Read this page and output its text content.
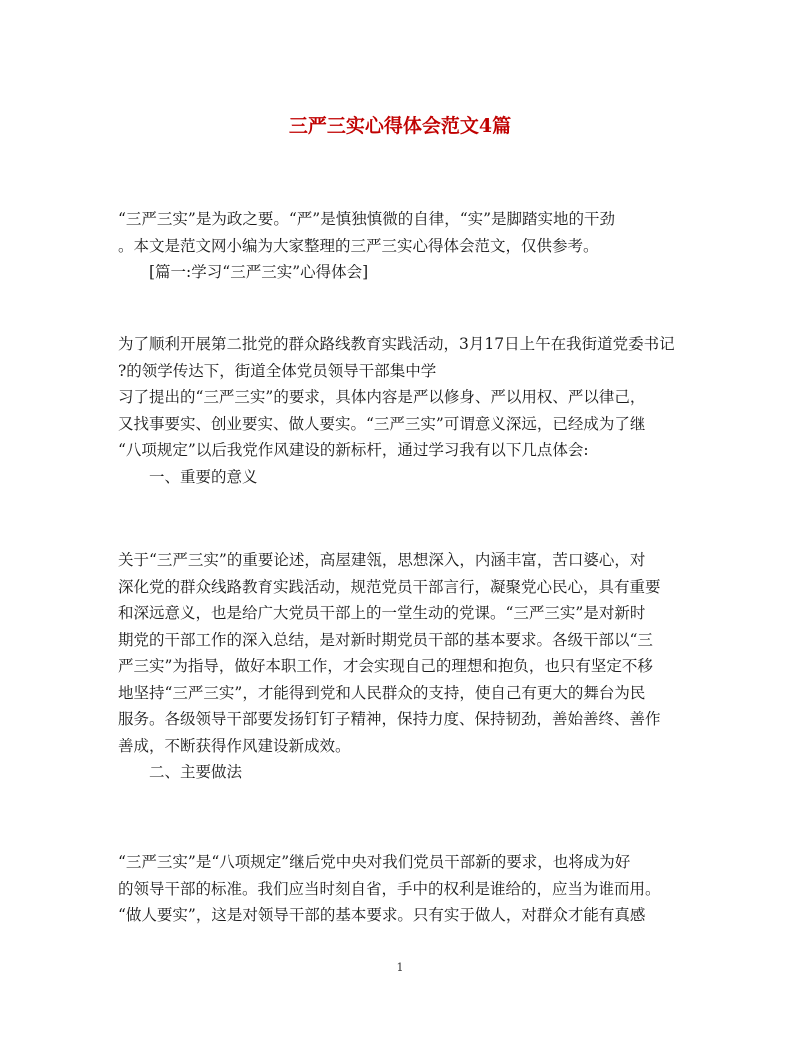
三严三实心得体会范文4篇
“三严三实”是为政之要。“严”是慎独慎微的自律，“实”是脚踏实地的干劲
。本文是范文网小编为大家整理的三严三实心得体会范文，仅供参考。
[篇一:学习“三严三实”心得体会]
为了顺利开展第二批党的群众路线教育实践活动，3月17日上午在我街道党委书记
?的领学传达下，街道全体党员领导干部集中学
习了提出的“三严三实”的要求，具体内容是严以修身、严以用权、严以律己，
又找事要实、创业要实、做人要实。“三严三实”可谓意义深远，已经成为了继
“八项规定”以后我党作风建设的新标杆，通过学习我有以下几点体会:
一、重要的意义
关于“三严三实”的重要论述，高屋建瓴，思想深入，内涵丰富，苦口婆心，对
深化党的群众线路教育实践活动，规范党员干部言行，凝聚党心民心，具有重要
和深远意义，也是给广大党员干部上的一堂生动的党课。“三严三实”是对新时
期党的干部工作的深入总结，是对新时期党员干部的基本要求。各级干部以“三
严三实”为指导，做好本职工作，才会实现自己的理想和抱负，也只有坚定不移
地坚持“三严三实”，才能得到党和人民群众的支持，使自己有更大的舞台为民
服务。各级领导干部要发扬钉钉子精神，保持力度、保持韧劲，善始善终、善作
善成，不断获得作风建设新成效。
二、主要做法
“三严三实”是“八项规定”继后党中央对我们党员干部新的要求，也将成为好
的领导干部的标准。我们应当时刻自省，手中的权利是谁给的，应当为谁而用。
“做人要实”，这是对领导干部的基本要求。只有实于做人，对群众才能有真感
1
